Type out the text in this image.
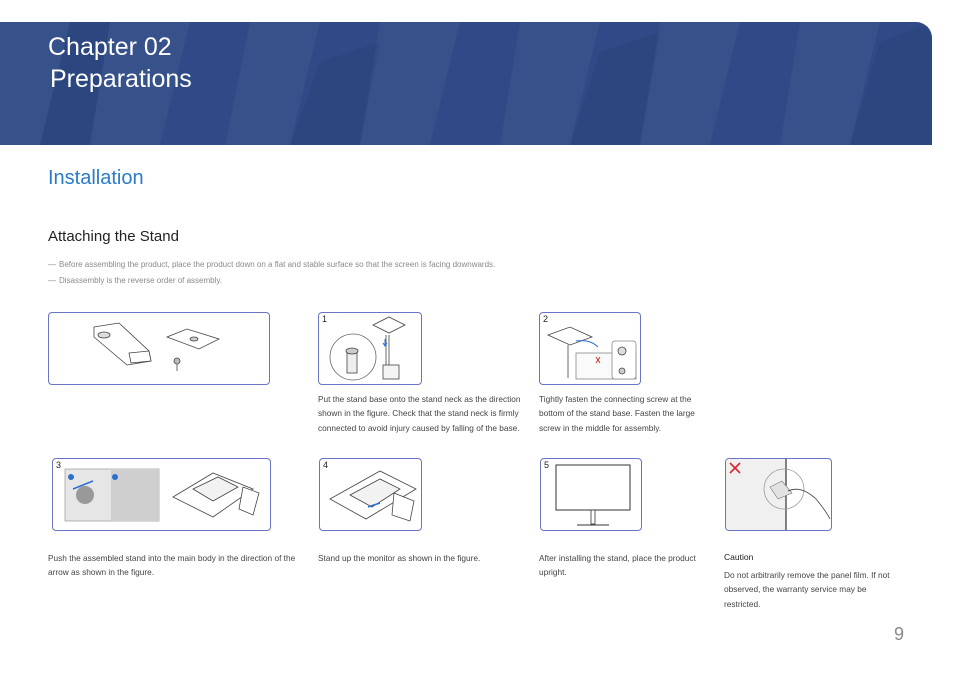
Chapter 02
Preparations
Installation
Attaching the Stand
― Before assembling the product, place the product down on a flat and stable surface so that the screen is facing downwards.
― Disassembly is the reverse order of assembly.
1	2
3	4	5
Put the stand base onto the stand neck as the direction shown in the figure. Check that the stand neck is firmly connected to avoid injury caused by falling of the base.
Tightly fasten the connecting screw at the bottom of the stand base. Fasten the large screw in the middle for assembly.
Push the assembled stand into the main body in the direction of the arrow as shown in the figure.
Stand up the monitor as shown in the figure.	After installing the stand, place the product upright.
Caution
Do not arbitrarily remove the panel film. If not observed, the warranty service may be restricted.
9
